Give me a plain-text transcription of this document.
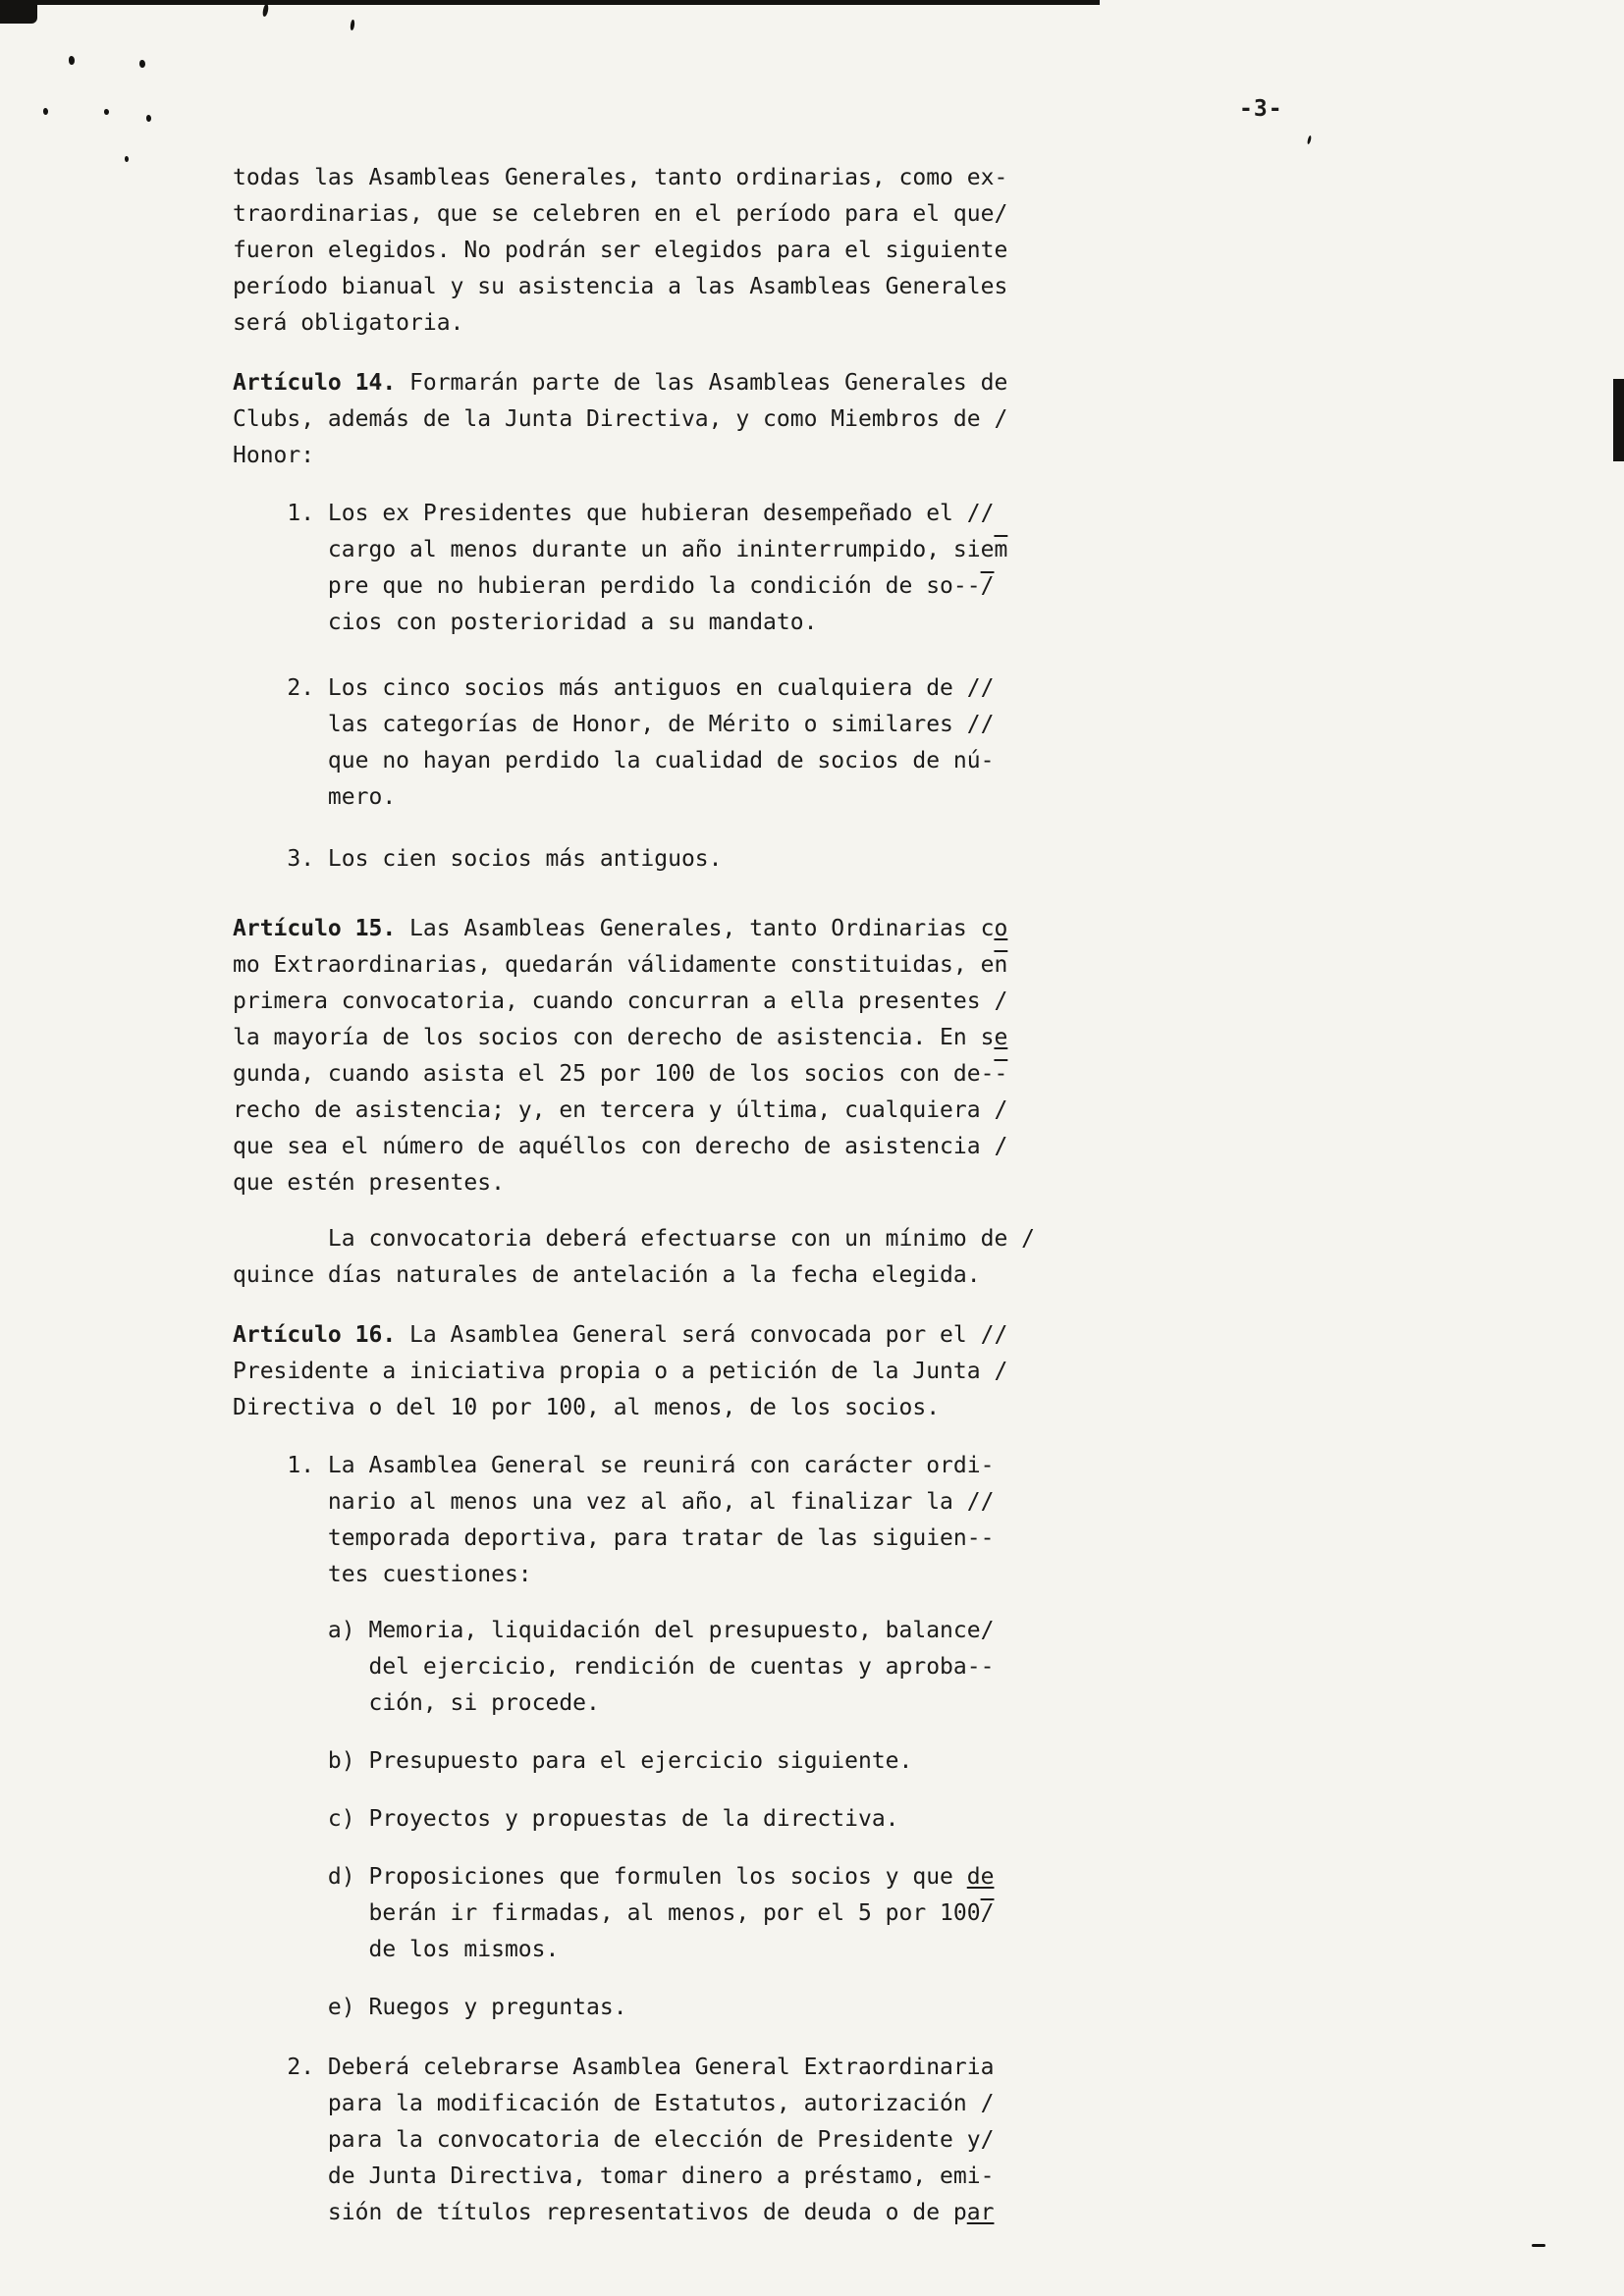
-3-
todas las Asambleas Generales, tanto ordinarias, como ex-
traordinarias, que se celebren en el período para el que/
fueron elegidos. No podrán ser elegidos para el siguiente
período bianual y su asistencia a las Asambleas Generales
será obligatoria.
Artículo 14. Formarán parte de las Asambleas Generales de
Clubs, además de la Junta Directiva, y como Miembros de /
Honor:
1. Los ex Presidentes que hubieran desempeñado el //
cargo al menos durante un año ininterrumpido, $sie\overline{m}$
pre que no hubieran perdido la condición de so--/
cios con posterioridad a su mandato.
2. Los cinco socios más antiguos en cualquiera de //
las categorías de Honor, de Mérito o similares //
que no hayan perdido la cualidad de socios de nú-
mero.
3. Los cien socios más antiguos.
Artículo 15. Las Asambleas Generales, tanto Ordinarias co
mo Extraordinarias, quedarán válidamente constituidas, $e\overline{n}$
primera convocatoria, cuando concurran a ella presentes /
la mayoría de los socios con derecho de asistencia. En se
gunda, cuando asista el 25 por 100 de los socios con de--
recho de asistencia; y, en tercera y última, cualquiera /
que sea el número de aquéllos con derecho de asistencia /
que estén presentes.
La convocatoria deberá efectuarse con un mínimo de /
quince días naturales de antelación a la fecha elegida.
Artículo 16. La Asamblea General será convocada por el //
Presidente a iniciativa propia o a petición de la Junta /
Directiva o del 10 por 100, al menos, de los socios.
1. La Asamblea General se reunirá con carácter ordi-
nario al menos una vez al año, al finalizar la //
temporada deportiva, para tratar de las siguien--
tes cuestiones:
a) Memoria, liquidación del presupuesto, balance/
del ejercicio, rendición de cuentas y aproba--
ción, si procede.
b) Presupuesto para el ejercicio siguiente.
c) Proyectos y propuestas de la directiva.
d) Proposiciones que formulen los socios y que de
berán ir firmadas, al menos, por el 5 por 100/
de los mismos.
e) Ruegos y preguntas.
2. Deberá celebrarse Asamblea General Extraordinaria
para la modificación de Estatutos, autorización /
para la convocatoria de elección de Presidente y/
de Junta Directiva, tomar dinero a préstamo, emi-
sión de títulos representativos de deuda o de par
